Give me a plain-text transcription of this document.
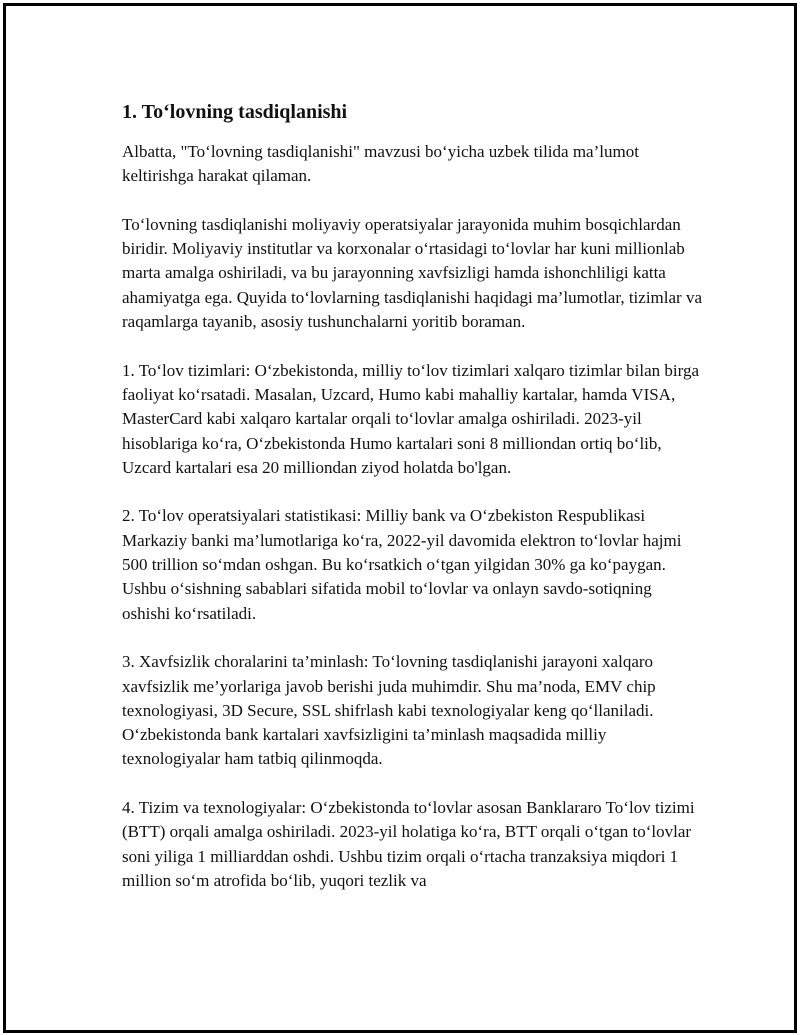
1. To‘lovning tasdiqlanishi

Albatta, "To‘lovning tasdiqlanishi" mavzusi bo‘yicha uzbek tilida ma’lumot keltirishga harakat qilaman.

To‘lovning tasdiqlanishi moliyaviy operatsiyalar jarayonida muhim bosqichlardan biridir. Moliyaviy institutlar va korxonalar o‘rtasidagi to‘lovlar har kuni millionlab marta amalga oshiriladi, va bu jarayonning xavfsizligi hamda ishonchliligi katta ahamiyatga ega. Quyida to‘lovlarning tasdiqlanishi haqidagi ma’lumotlar, tizimlar va raqamlarga tayanib, asosiy tushunchalarni yoritib boraman.

1. To‘lov tizimlari: O‘zbekistonda, milliy to‘lov tizimlari xalqaro tizimlar bilan birga faoliyat ko‘rsatadi. Masalan, Uzcard, Humo kabi mahalliy kartalar, hamda VISA, MasterCard kabi xalqaro kartalar orqali to‘lovlar amalga oshiriladi. 2023-yil hisoblariga ko‘ra, O‘zbekistonda Humo kartalari soni 8 milliondan ortiq bo‘lib, Uzcard kartalari esa 20 milliondan ziyod holatda bo'lgan.

2. To‘lov operatsiyalari statistikasi: Milliy bank va O‘zbekiston Respublikasi Markaziy banki ma’lumotlariga ko‘ra, 2022-yil davomida elektron to‘lovlar hajmi 500 trillion so‘mdan oshgan. Bu ko‘rsatkich o‘tgan yilgidan 30% ga ko‘paygan. Ushbu o‘sishning sabablari sifatida mobil to‘lovlar va onlayn savdo-sotiqning oshishi ko‘rsatiladi.

3. Xavfsizlik choralarini ta’minlash: To‘lovning tasdiqlanishi jarayoni xalqaro xavfsizlik me’yorlariga javob berishi juda muhimdir. Shu ma’noda, EMV chip texnologiyasi, 3D Secure, SSL shifrlash kabi texnologiyalar keng qo‘llaniladi. O‘zbekistonda bank kartalari xavfsizligini ta’minlash maqsadida milliy texnologiyalar ham tatbiq qilinmoqda.

4. Tizim va texnologiyalar: O‘zbekistonda to‘lovlar asosan Banklararo To‘lov tizimi (BTT) orqali amalga oshiriladi. 2023-yil holatiga ko‘ra, BTT orqali o‘tgan to‘lovlar soni yiliga 1 milliarddan oshdi. Ushbu tizim orqali o‘rtacha tranzaksiya miqdori 1 million so‘m atrofida bo‘lib, yuqori tezlik va
